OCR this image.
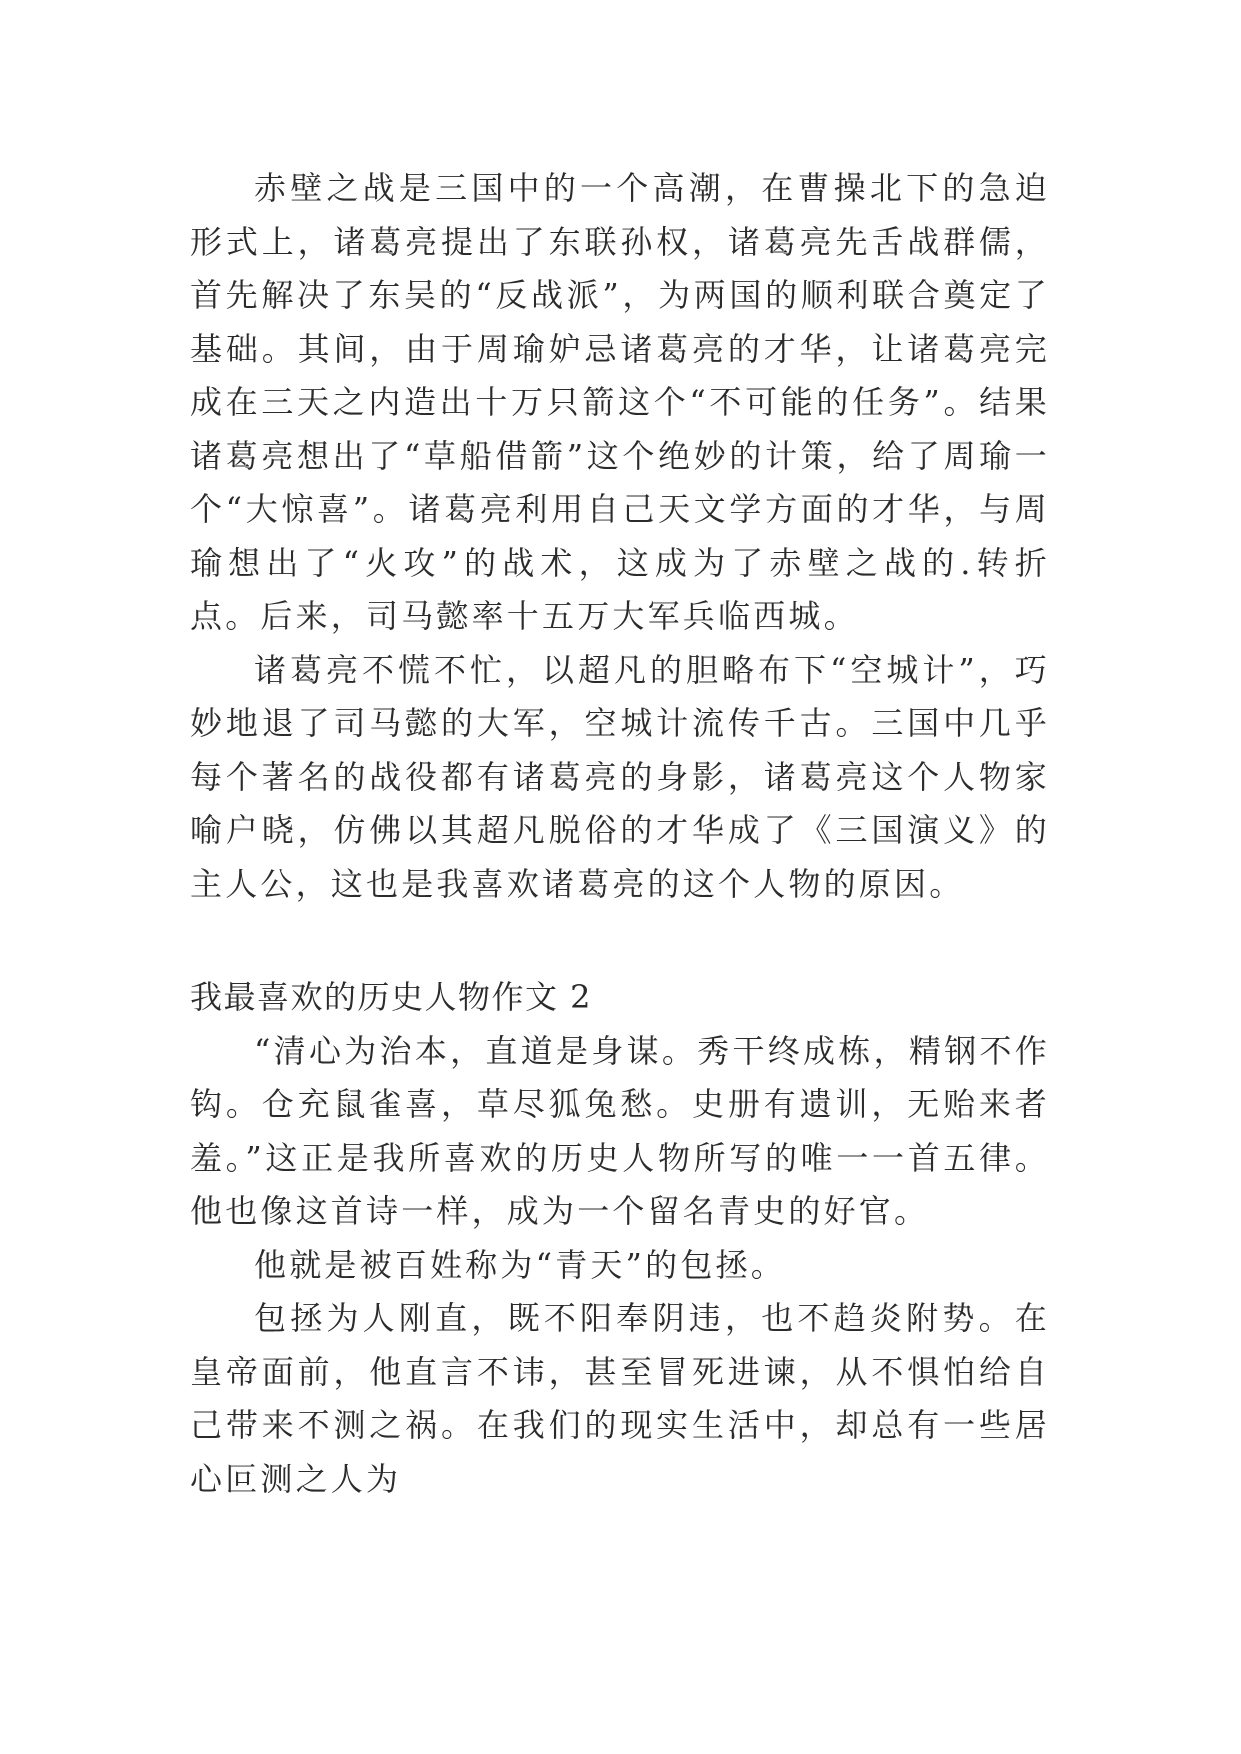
赤壁之战是三国中的一个高潮，在曹操北下的急迫形式上，诸葛亮提出了东联孙权，诸葛亮先舌战群儒，首先解决了东吴的“反战派”，为两国的顺利联合奠定了基础。其间，由于周瑜妒忌诸葛亮的才华，让诸葛亮完成在三天之内造出十万只箭这个“不可能的任务”。结果诸葛亮想出了“草船借箭”这个绝妙的计策，给了周瑜一个“大惊喜”。诸葛亮利用自己天文学方面的才华，与周瑜想出了“火攻”的战术，这成为了赤壁之战的.转折点。后来，司马懿率十五万大军兵临西城。

诸葛亮不慌不忙，以超凡的胆略布下“空城计”，巧妙地退了司马懿的大军，空城计流传千古。三国中几乎每个著名的战役都有诸葛亮的身影，诸葛亮这个人物家喻户晓，仿佛以其超凡脱俗的才华成了《三国演义》的主人公，这也是我喜欢诸葛亮的这个人物的原因。

我最喜欢的历史人物作文 2

“清心为治本，直道是身谋。秀干终成栋，精钢不作钩。仓充鼠雀喜，草尽狐兔愁。史册有遗训，无贻来者羞。”这正是我所喜欢的历史人物所写的唯一一首五律。他也像这首诗一样，成为一个留名青史的好官。

他就是被百姓称为“青天”的包拯。

包拯为人刚直，既不阳奉阴违，也不趋炎附势。在皇帝面前，他直言不讳，甚至冒死进谏，从不惧怕给自己带来不测之祸。在我们的现实生活中，却总有一些居心叵测之人为
